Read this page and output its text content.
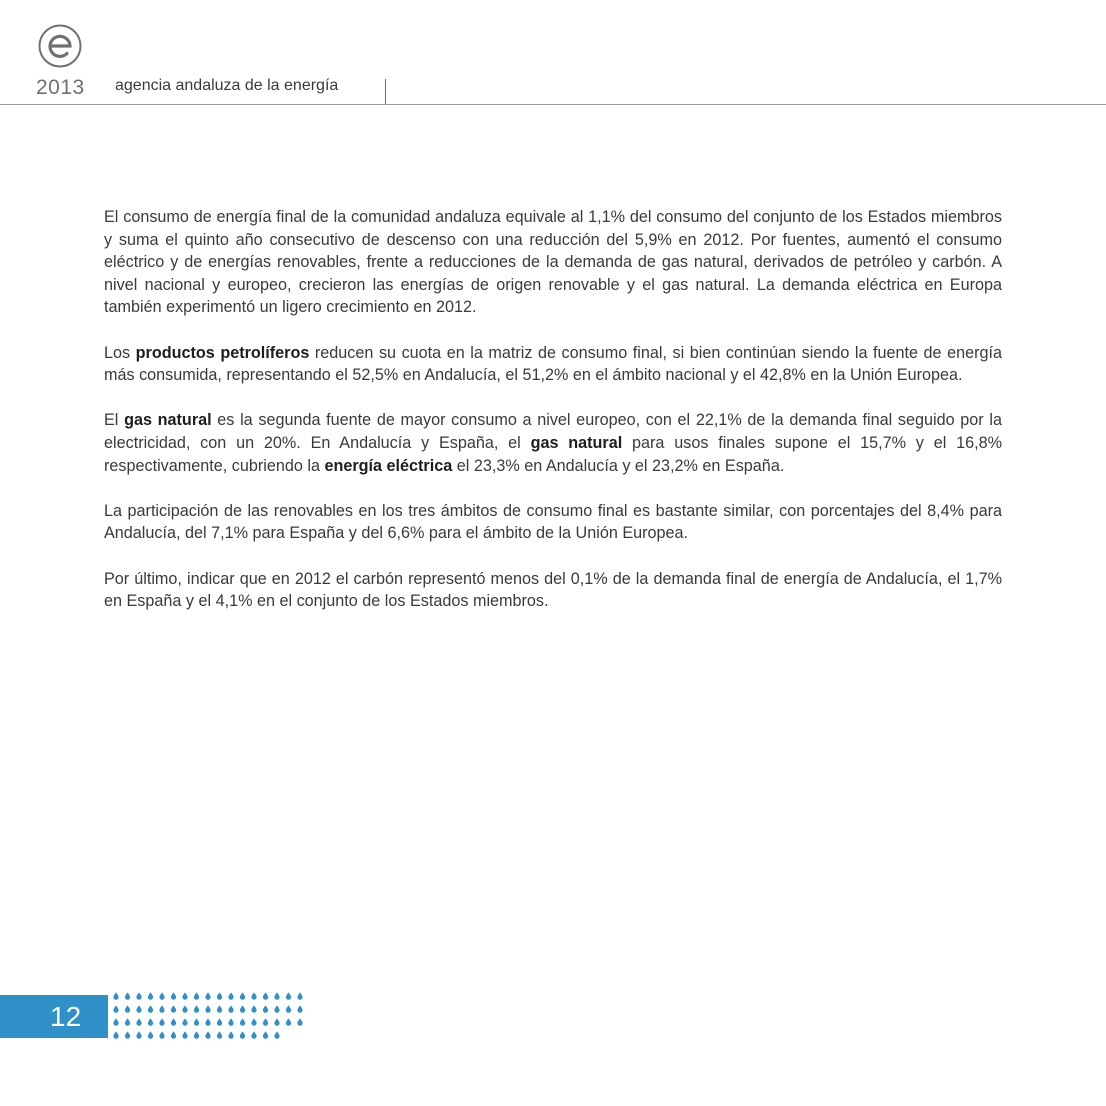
2013 agencia andaluza de la energía

El consumo de energía final de la comunidad andaluza equivale al 1,1% del consumo del conjunto de los Estados miembros y suma el quinto año consecutivo de descenso con una reducción del 5,9% en 2012. Por fuentes, aumentó el consumo eléctrico y de energías renovables, frente a reducciones de la demanda de gas natural, derivados de petróleo y carbón. A nivel nacional y europeo, crecieron las energías de origen renovable y el gas natural. La demanda eléctrica en Europa también experimentó un ligero crecimiento en 2012.

Los productos petrolíferos reducen su cuota en la matriz de consumo final, si bien continúan siendo la fuente de energía más consumida, representando el 52,5% en Andalucía, el 51,2% en el ámbito nacional y el 42,8% en la Unión Europea.

El gas natural es la segunda fuente de mayor consumo a nivel europeo, con el 22,1% de la demanda final seguido por la electricidad, con un 20%. En Andalucía y España, el gas natural para usos finales supone el 15,7% y el 16,8% respectivamente, cubriendo la energía eléctrica el 23,3% en Andalucía y el 23,2% en España.

La participación de las renovables en los tres ámbitos de consumo final es bastante similar, con porcentajes del 8,4% para Andalucía, del 7,1% para España y del 6,6% para el ámbito de la Unión Europea.

Por último, indicar que en 2012 el carbón representó menos del 0,1% de la demanda final de energía de Andalucía, el 1,7% en España y el 4,1% en el conjunto de los Estados miembros.

12
